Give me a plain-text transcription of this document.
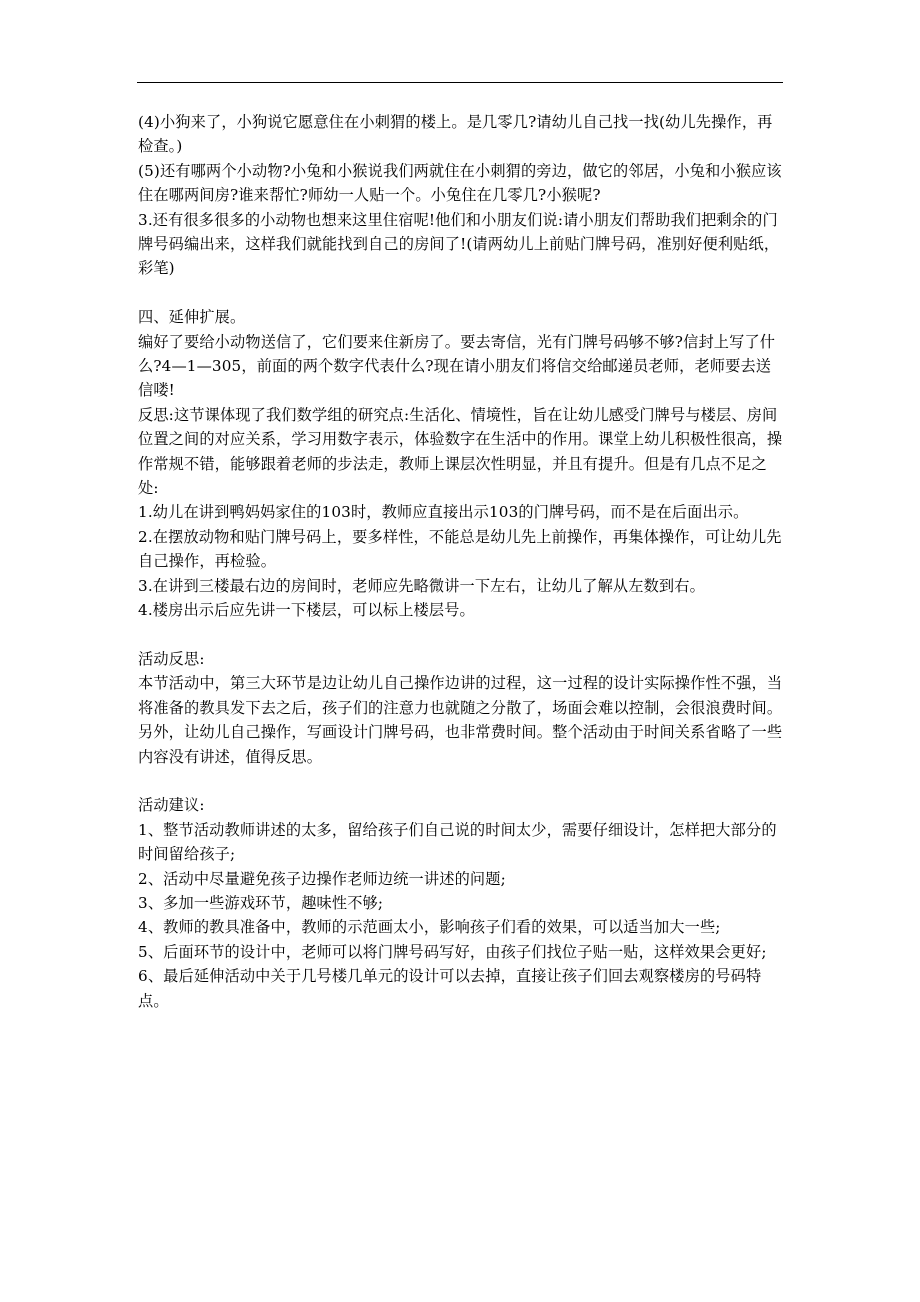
(4)小狗来了，小狗说它愿意住在小刺猬的楼上。是几零几?请幼儿自己找一找(幼儿先操作，再检查。)

(5)还有哪两个小动物?小兔和小猴说我们两就住在小刺猬的旁边，做它的邻居，小兔和小猴应该住在哪两间房?谁来帮忙?师幼一人贴一个。小兔住在几零几?小猴呢?

3.还有很多很多的小动物也想来这里住宿呢!他们和小朋友们说:请小朋友们帮助我们把剩余的门牌号码编出来，这样我们就能找到自己的房间了!(请两幼儿上前贴门牌号码，准别好便利贴纸，彩笔)

四、延伸扩展。

编好了要给小动物送信了，它们要来住新房了。要去寄信，光有门牌号码够不够?信封上写了什么?4—1—305，前面的两个数字代表什么?现在请小朋友们将信交给邮递员老师，老师要去送信喽!

反思:这节课体现了我们数学组的研究点:生活化、情境性，旨在让幼儿感受门牌号与楼层、房间位置之间的对应关系，学习用数字表示，体验数字在生活中的作用。课堂上幼儿积极性很高，操作常规不错，能够跟着老师的步法走，教师上课层次性明显，并且有提升。但是有几点不足之处:

1.幼儿在讲到鸭妈妈家住的103时，教师应直接出示103的门牌号码，而不是在后面出示。

2.在摆放动物和贴门牌号码上，要多样性，不能总是幼儿先上前操作，再集体操作，可让幼儿先自己操作，再检验。

3.在讲到三楼最右边的房间时，老师应先略微讲一下左右，让幼儿了解从左数到右。

4.楼房出示后应先讲一下楼层，可以标上楼层号。

活动反思:

本节活动中，第三大环节是边让幼儿自己操作边讲的过程，这一过程的设计实际操作性不强，当将准备的教具发下去之后，孩子们的注意力也就随之分散了，场面会难以控制，会很浪费时间。另外，让幼儿自己操作，写画设计门牌号码，也非常费时间。整个活动由于时间关系省略了一些内容没有讲述，值得反思。

活动建议:

1、整节活动教师讲述的太多，留给孩子们自己说的时间太少，需要仔细设计，怎样把大部分的时间留给孩子;

2、活动中尽量避免孩子边操作老师边统一讲述的问题;

3、多加一些游戏环节，趣味性不够;

4、教师的教具准备中，教师的示范画太小，影响孩子们看的效果，可以适当加大一些;

5、后面环节的设计中，老师可以将门牌号码写好，由孩子们找位子贴一贴，这样效果会更好;

6、最后延伸活动中关于几号楼几单元的设计可以去掉，直接让孩子们回去观察楼房的号码特点。
